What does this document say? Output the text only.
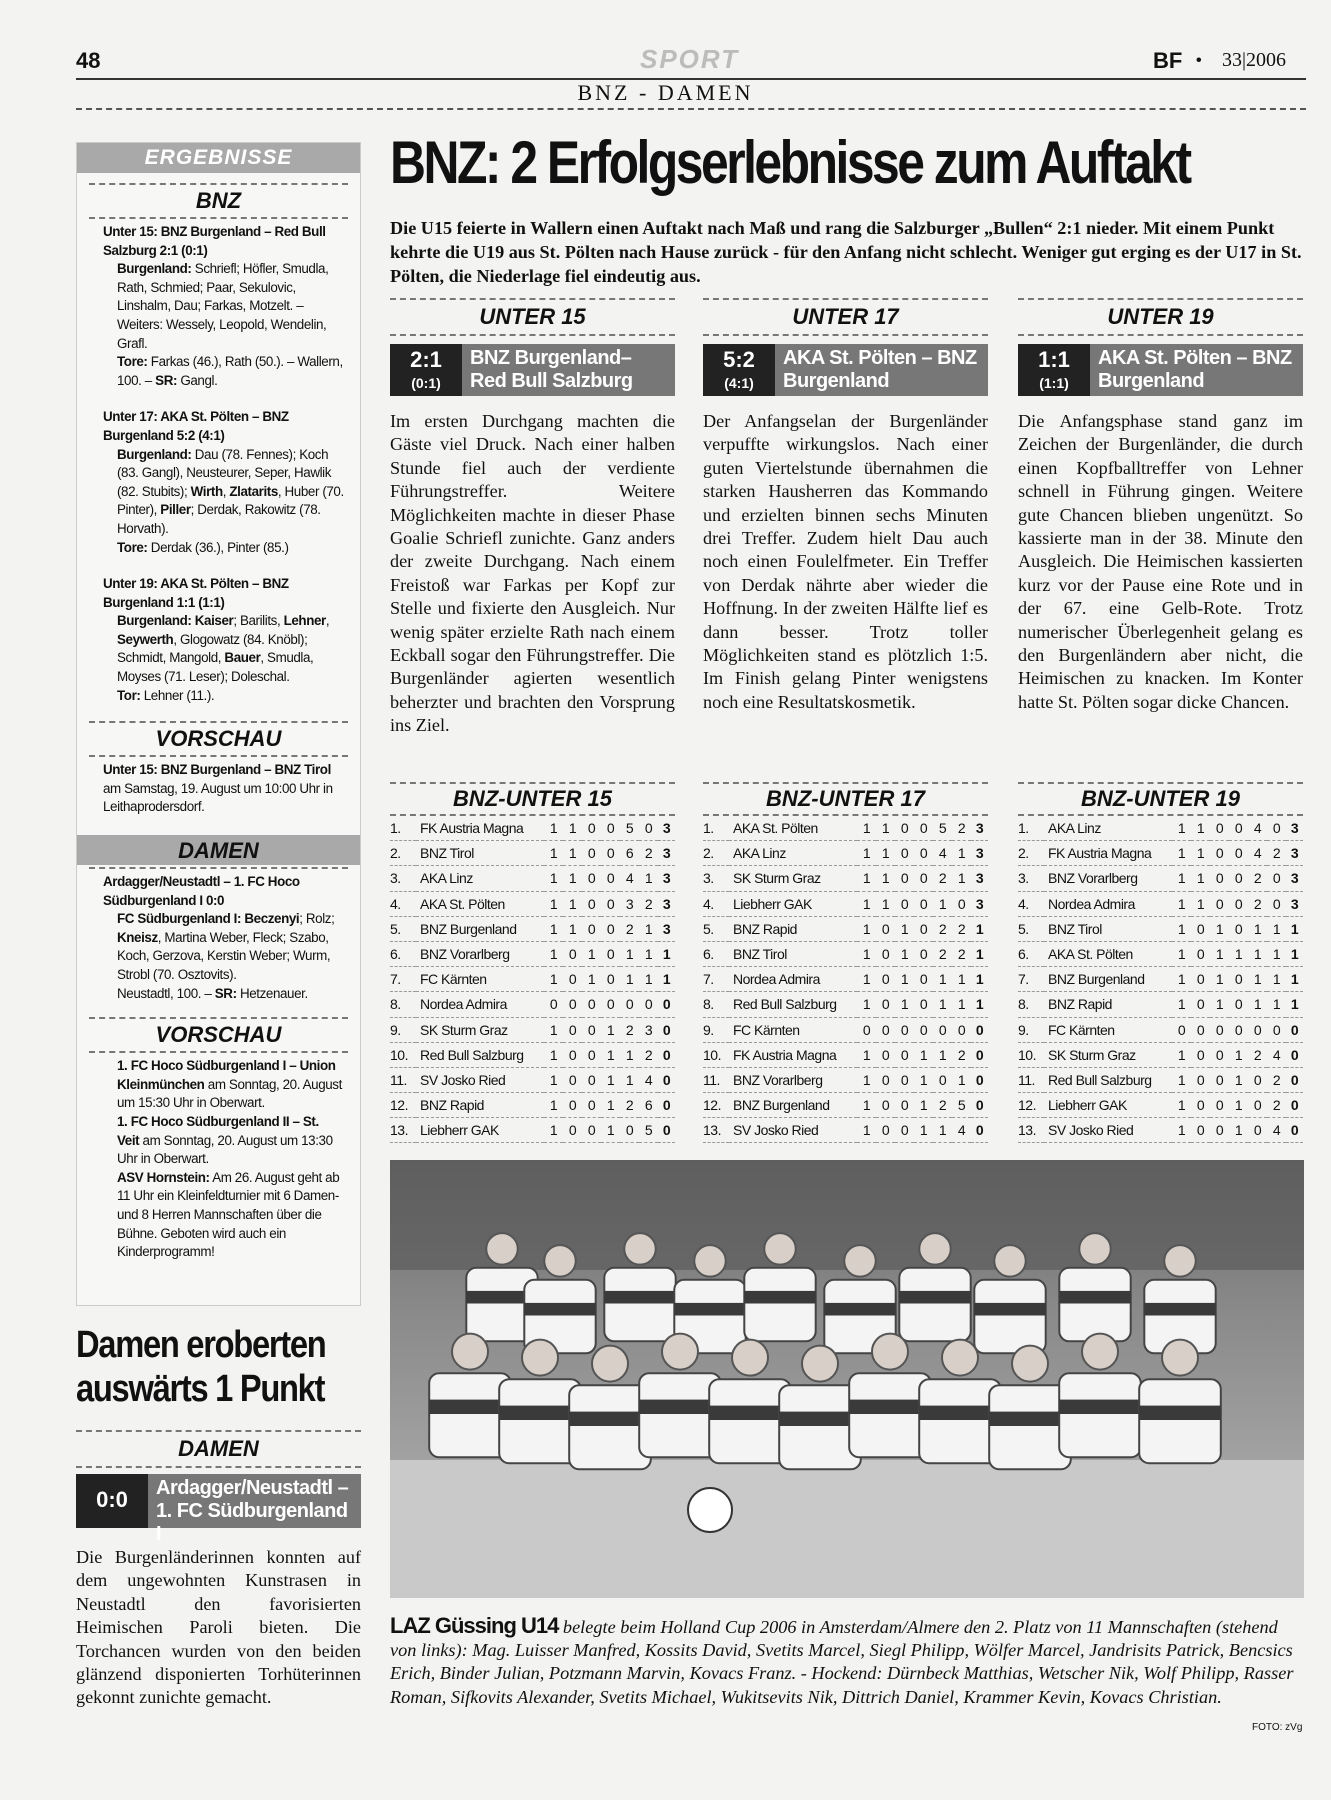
48	SPORT	BF • 33|2006
BNZ - DAMEN
ERGEBNISSE
BNZ

Unter 15: BNZ Burgenland – Red Bull Salzburg 2:1 (0:1)

Burgenland: Schriefl; Höfler, Smudla, Rath, Schmied; Paar, Sekulovic, Linshalm, Dau; Farkas, Motzelt. – Weiters: Wessely, Leopold, Wendelin, Grafl.

Tore: Farkas (46.), Rath (50.). – Wallern, 100. – SR: Gangl.

Unter 17: AKA St. Pölten – BNZ Burgenland 5:2 (4:1)

Burgenland: Dau (78. Fennes); Koch (83. Gangl), Neusteurer, Seper, Hawlik (82. Stubits); Wirth, Zlatarits, Huber (70. Pinter), Piller; Derdak, Rakowitz (78. Horvath).

Tore: Derdak (36.), Pinter (85.)

Unter 19: AKA St. Pölten – BNZ Burgenland 1:1 (1:1)

Burgenland: Kaiser; Barilits, Lehner, Seywerth, Glogowatz (84. Knöbl); Schmidt, Mangold, Bauer, Smudla, Moyses (71. Leser); Doleschal.

Tor: Lehner (11.).

VORSCHAU

Unter 15: BNZ Burgenland – BNZ Tirol am Samstag, 19. August um 10:00 Uhr in Leithaprodersdorf.

DAMEN

Ardagger/Neustadtl – 1. FC Hoco Südburgenland I 0:0

FC Südburgenland I: Beczenyi; Rolz; Kneisz, Martina Weber, Fleck; Szabo, Koch, Gerzova, Kerstin Weber; Wurm, Strobl (70. Osztovits).

Neustadtl, 100. – SR: Hetzenauer.

VORSCHAU

1. FC Hoco Südburgenland I – Union Kleinmünchen am Sonntag, 20. August um 15:30 Uhr in Oberwart.

1. FC Hoco Südburgenland II – St. Veit am Sonntag, 20. August um 13:30 Uhr in Oberwart.

ASV Hornstein: Am 26. August geht ab 11 Uhr ein Kleinfeldturnier mit 6 Damen- und 8 Herren Mannschaften über die Bühne. Geboten wird auch ein Kinderprogramm!

Damen eroberten
auswärts 1 Punkt
DAMEN
0:0	Ardagger/Neustadtl – 1. FC Südburgenland I
Die Burgenländerinnen konnten auf dem ungewohnten Kunstrasen in Neustadtl den favorisierten Heimischen Paroli bieten. Die Torchancen wurden von den beiden glänzend disponierten Torhüterinnen gekonnt zunichte gemacht.
BNZ: 2 Erfolgserlebnisse zum Auftakt
Die U15 feierte in Wallern einen Auftakt nach Maß und rang die Salzburger „Bullen“ 2:1 nieder. Mit einem Punkt kehrte die U19 aus St. Pölten nach Hause zurück - für den Anfang nicht schlecht. Weniger gut erging es der U17 in St. Pölten, die Niederlage fiel eindeutig aus.
UNTER 15
2:1
(0:1)
BNZ Burgenland– Red Bull Salzburg
Im ersten Durchgang machten die Gäste viel Druck. Nach einer halben Stunde fiel auch der verdiente Führungstreffer. Weitere Möglichkeiten machte in dieser Phase Goalie Schriefl zunichte. Ganz anders der zweite Durchgang. Nach einem Freistoß war Farkas per Kopf zur Stelle und fixierte den Ausgleich. Nur wenig später erzielte Rath nach einem Eckball sogar den Führungstreffer. Die Burgenländer agierten wesentlich beherzter und brachten den Vorsprung ins Ziel.
UNTER 17
5:2
(4:1)
AKA St. Pölten – BNZ Burgenland
Der Anfangselan der Burgenländer verpuffte wirkungslos. Nach einer guten Viertelstunde übernahmen die starken Hausherren das Kommando und erzielten binnen sechs Minuten drei Treffer. Zudem hielt Dau auch noch einen Foulelfmeter. Ein Treffer von Derdak nährte aber wieder die Hoffnung. In der zweiten Hälfte lief es dann besser. Trotz toller Möglichkeiten stand es plötzlich 1:5. Im Finish gelang Pinter wenigstens noch eine Resultatskosmetik.
UNTER 19
1:1
(1:1)
AKA St. Pölten – BNZ Burgenland
Die Anfangsphase stand ganz im Zeichen der Burgenländer, die durch einen Kopfballtreffer von Lehner schnell in Führung gingen. Weitere gute Chancen blieben ungenützt. So kassierte man in der 38. Minute den Ausgleich. Die Heimischen kassierten kurz vor der Pause eine Rote und in der 67. eine Gelb-Rote. Trotz numerischer Überlegenheit gelang es den Burgenländern aber nicht, die Heimischen zu knacken. Im Konter hatte St. Pölten sogar dicke Chancen.
BNZ-UNTER 15
1.	FK Austria Magna	1	1	0	0	5	0	3
2.	BNZ Tirol	1	1	0	0	6	2	3
3.	AKA Linz	1	1	0	0	4	1	3
4.	AKA St. Pölten	1	1	0	0	3	2	3
5.	BNZ Burgenland	1	1	0	0	2	1	3
6.	BNZ Vorarlberg	1	0	1	0	1	1	1
7.	FC Kärnten	1	0	1	0	1	1	1
8.	Nordea Admira	0	0	0	0	0	0	0
9.	SK Sturm Graz	1	0	0	1	2	3	0
10.	Red Bull Salzburg	1	0	0	1	1	2	0
11.	SV Josko Ried	1	0	0	1	1	4	0
12.	BNZ Rapid	1	0	0	1	2	6	0
13.	Liebherr GAK	1	0	0	1	0	5	0
BNZ-UNTER 17
1.	AKA St. Pölten	1	1	0	0	5	2	3
2.	AKA Linz	1	1	0	0	4	1	3
3.	SK Sturm Graz	1	1	0	0	2	1	3
4.	Liebherr GAK	1	1	0	0	1	0	3
5.	BNZ Rapid	1	0	1	0	2	2	1
6.	BNZ Tirol	1	0	1	0	2	2	1
7.	Nordea Admira	1	0	1	0	1	1	1
8.	Red Bull Salzburg	1	0	1	0	1	1	1
9.	FC Kärnten	0	0	0	0	0	0	0
10.	FK Austria Magna	1	0	0	1	1	2	0
11.	BNZ Vorarlberg	1	0	0	1	0	1	0
12.	BNZ Burgenland	1	0	0	1	2	5	0
13.	SV Josko Ried	1	0	0	1	1	4	0
BNZ-UNTER 19
1.	AKA Linz	1	1	0	0	4	0	3
2.	FK Austria Magna	1	1	0	0	4	2	3
3.	BNZ Vorarlberg	1	1	0	0	2	0	3
4.	Nordea Admira	1	1	0	0	2	0	3
5.	BNZ Tirol	1	0	1	0	1	1	1
6.	AKA St. Pölten	1	0	1	1	1	1	1
7.	BNZ Burgenland	1	0	1	0	1	1	1
8.	BNZ Rapid	1	0	1	0	1	1	1
9.	FC Kärnten	0	0	0	0	0	0	0
10.	SK Sturm Graz	1	0	0	1	2	4	0
11.	Red Bull Salzburg	1	0	0	1	0	2	0
12.	Liebherr GAK	1	0	0	1	0	2	0
13.	SV Josko Ried	1	0	0	1	0	4	0
LAZ Güssing U14 belegte beim Holland Cup 2006 in Amsterdam/Almere den 2. Platz von 11 Mannschaften (stehend von links): Mag. Luisser Manfred, Kossits David, Svetits Marcel, Siegl Philipp, Wölfer Marcel, Jandrisits Patrick, Bencsics Erich, Binder Julian, Potzmann Marvin, Kovacs Franz. - Hockend: Dürnbeck Matthias, Wetscher Nik, Wolf Philipp, Rasser Roman, Sifkovits Alexander, Svetits Michael, Wukitsevits Nik, Dittrich Daniel, Krammer Kevin, Kovacs Christian.
FOTO: zVg
